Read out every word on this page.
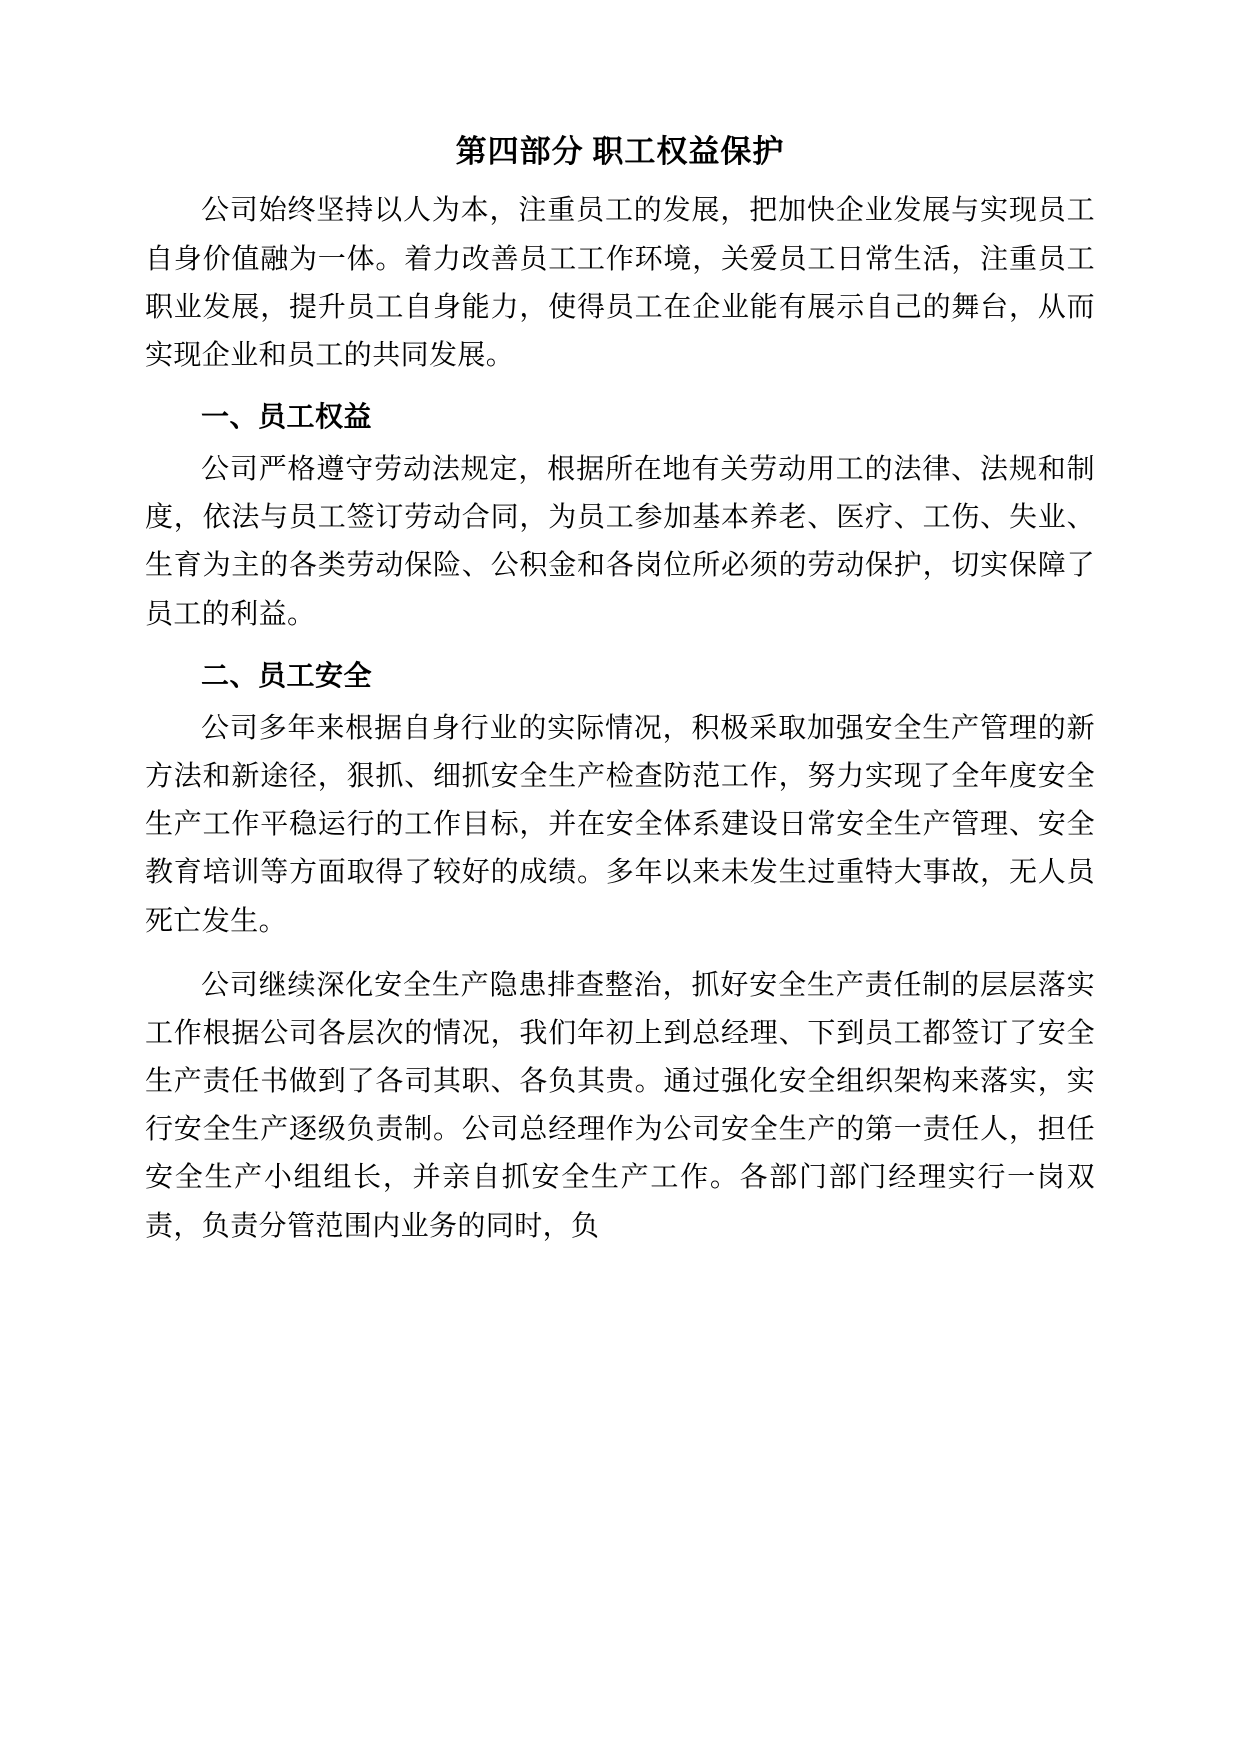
第四部分 职工权益保护

公司始终坚持以人为本，注重员工的发展，把加快企业发展与实现员工自身价值融为一体。着力改善员工工作环境，关爱员工日常生活，注重员工职业发展，提升员工自身能力，使得员工在企业能有展示自己的舞台，从而实现企业和员工的共同发展。

一、员工权益

公司严格遵守劳动法规定，根据所在地有关劳动用工的法律、法规和制度，依法与员工签订劳动合同，为员工参加基本养老、医疗、工伤、失业、生育为主的各类劳动保险、公积金和各岗位所必须的劳动保护，切实保障了员工的利益。

二、员工安全

公司多年来根据自身行业的实际情况，积极采取加强安全生产管理的新方法和新途径，狠抓、细抓安全生产检查防范工作，努力实现了全年度安全生产工作平稳运行的工作目标，并在安全体系建设日常安全生产管理、安全教育培训等方面取得了较好的成绩。多年以来未发生过重特大事故，无人员死亡发生。

公司继续深化安全生产隐患排查整治，抓好安全生产责任制的层层落实工作根据公司各层次的情况，我们年初上到总经理、下到员工都签订了安全生产责任书做到了各司其职、各负其贵。通过强化安全组织架构来落实，实行安全生产逐级负责制。公司总经理作为公司安全生产的第一责任人，担任安全生产小组组长，并亲自抓安全生产工作。各部门部门经理实行一岗双责，负责分管范围内业务的同时，负
